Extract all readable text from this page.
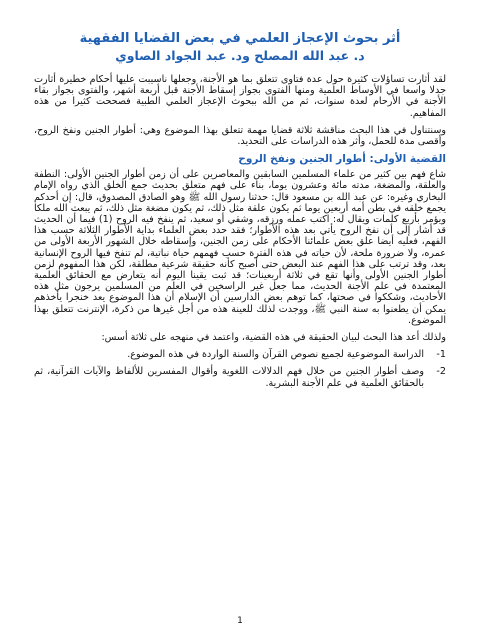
أثر بحوث الإعجاز العلمي في بعض القضايا الفقهية
د. عبد الله المصلح ود. عبد الجواد الصاوي

لقد أثارت تساؤلات كثيرة حول عدة فتاوى تتعلق بما هو الأجنة، وجعلها ناسيبت عليها أحكام خطيرة أثارت جدلا واسعا في الأوساط العلمية ومنها الفتوى بجواز إسقاط الأجنة قبل أربعة أشهر، والفتوى بجواز بقاء الأجنة في الأرحام لعدة سنوات، ثم من الله ببحوث الإعجاز العلمي الطبية فصححت كثيرا من هذه المفاهيم.

وسنتناول في هذا البحث مناقشة ثلاثة قضايا مهمة تتعلق بهذا الموضوع وهي: أطوار الجنين ونفخ الروح، وأقصى مدة للحمل، وأثر هذه الدراسات على التحديد.

القضية الأولى: أطوار الجنين ونفخ الروح

شاع فهم بين كثير من علماء المسلمين السابقين والمعاصرين على أن زمن أطوار الجنين الأولى: النطفة والعلقة، والمضغة، مدته مائة وعشرون يوما، بناء على فهم متعلق بحديث جمع الخلق الذي رواه الإمام البخاري وغيره: عن عبد الله بن مسعود قال: حدثنا رسول الله ﷺ وهو الصادق المصدوق، قال: إن أحدكم يجمع خلقه في بطن أمه أربعين يوما ثم يكون علقة مثل ذلك، ثم يكون مضغة مثل ذلك، ثم يبعث الله ملكا ويؤمر بأربع كلمات ويقال له: اكتب عمله ورزقه، وشقي أو سعيد، ثم ينفخ فيه الروح (1) فيما أن الحديث قد أشار إلى أن نفخ الروح يأتي بعد هذه الأطوار؛ فقد حدد بعض العلماء بداية الأطوار الثلاثة حسب هذا الفهم، فعليه أيضا علق بعض علمائنا الأحكام على زمن الجنين، وإسقاطه خلال الشهور الأربعة الأولى من عمره، ولا ضرورة ملحة، لأن حياته في هذه الفترة حسب فهمهم حياة نباتية، لم تنفخ فيها الروح الإنسانية بعد، وقد ترتب على هذا الفهم عند البعض حتى أصبح كأنه حقيقة شرعية مطلقة، لكن هذا المفهوم لزمن أطوار الجنين الأولى وأنها تقع في ثلاثة أربعينات؛ قد ثبت يقينا اليوم أنه يتعارض مع الحقائق العلمية المعتمدة في علم الأجنة الحديث، مما جعل غير الراسخين في العلم من المسلمين يرجون مثل هذه الأحاديث، وشككوا في صحتها، كما توهم بعض الدارسين أن الإسلام أن هذا الموضوع يعد خنجرا يأخذهم يمكن أن يطعنوا به سنة النبي ﷺ، ووجدت لذلك للعينة هذه من أجل غيرها من ذكرة، الإنترنت تتعلق بهذا الموضوع.

ولذلك أعد هذا البحث لبيان الحقيقة في هذه القضية، واعتمد في منهجه على ثلاثة أسس:

1-
الدراسة الموضوعية لجميع نصوص القرآن والسنة الواردة في هذه الموضوع.
2-
وصف أطوار الجنين من خلال فهم الدلالات اللغوية وأقوال المفسرين للألفاظ والآيات القرآنية، ثم بالحقائق العلمية في علم الأجنة البشرية.
1
